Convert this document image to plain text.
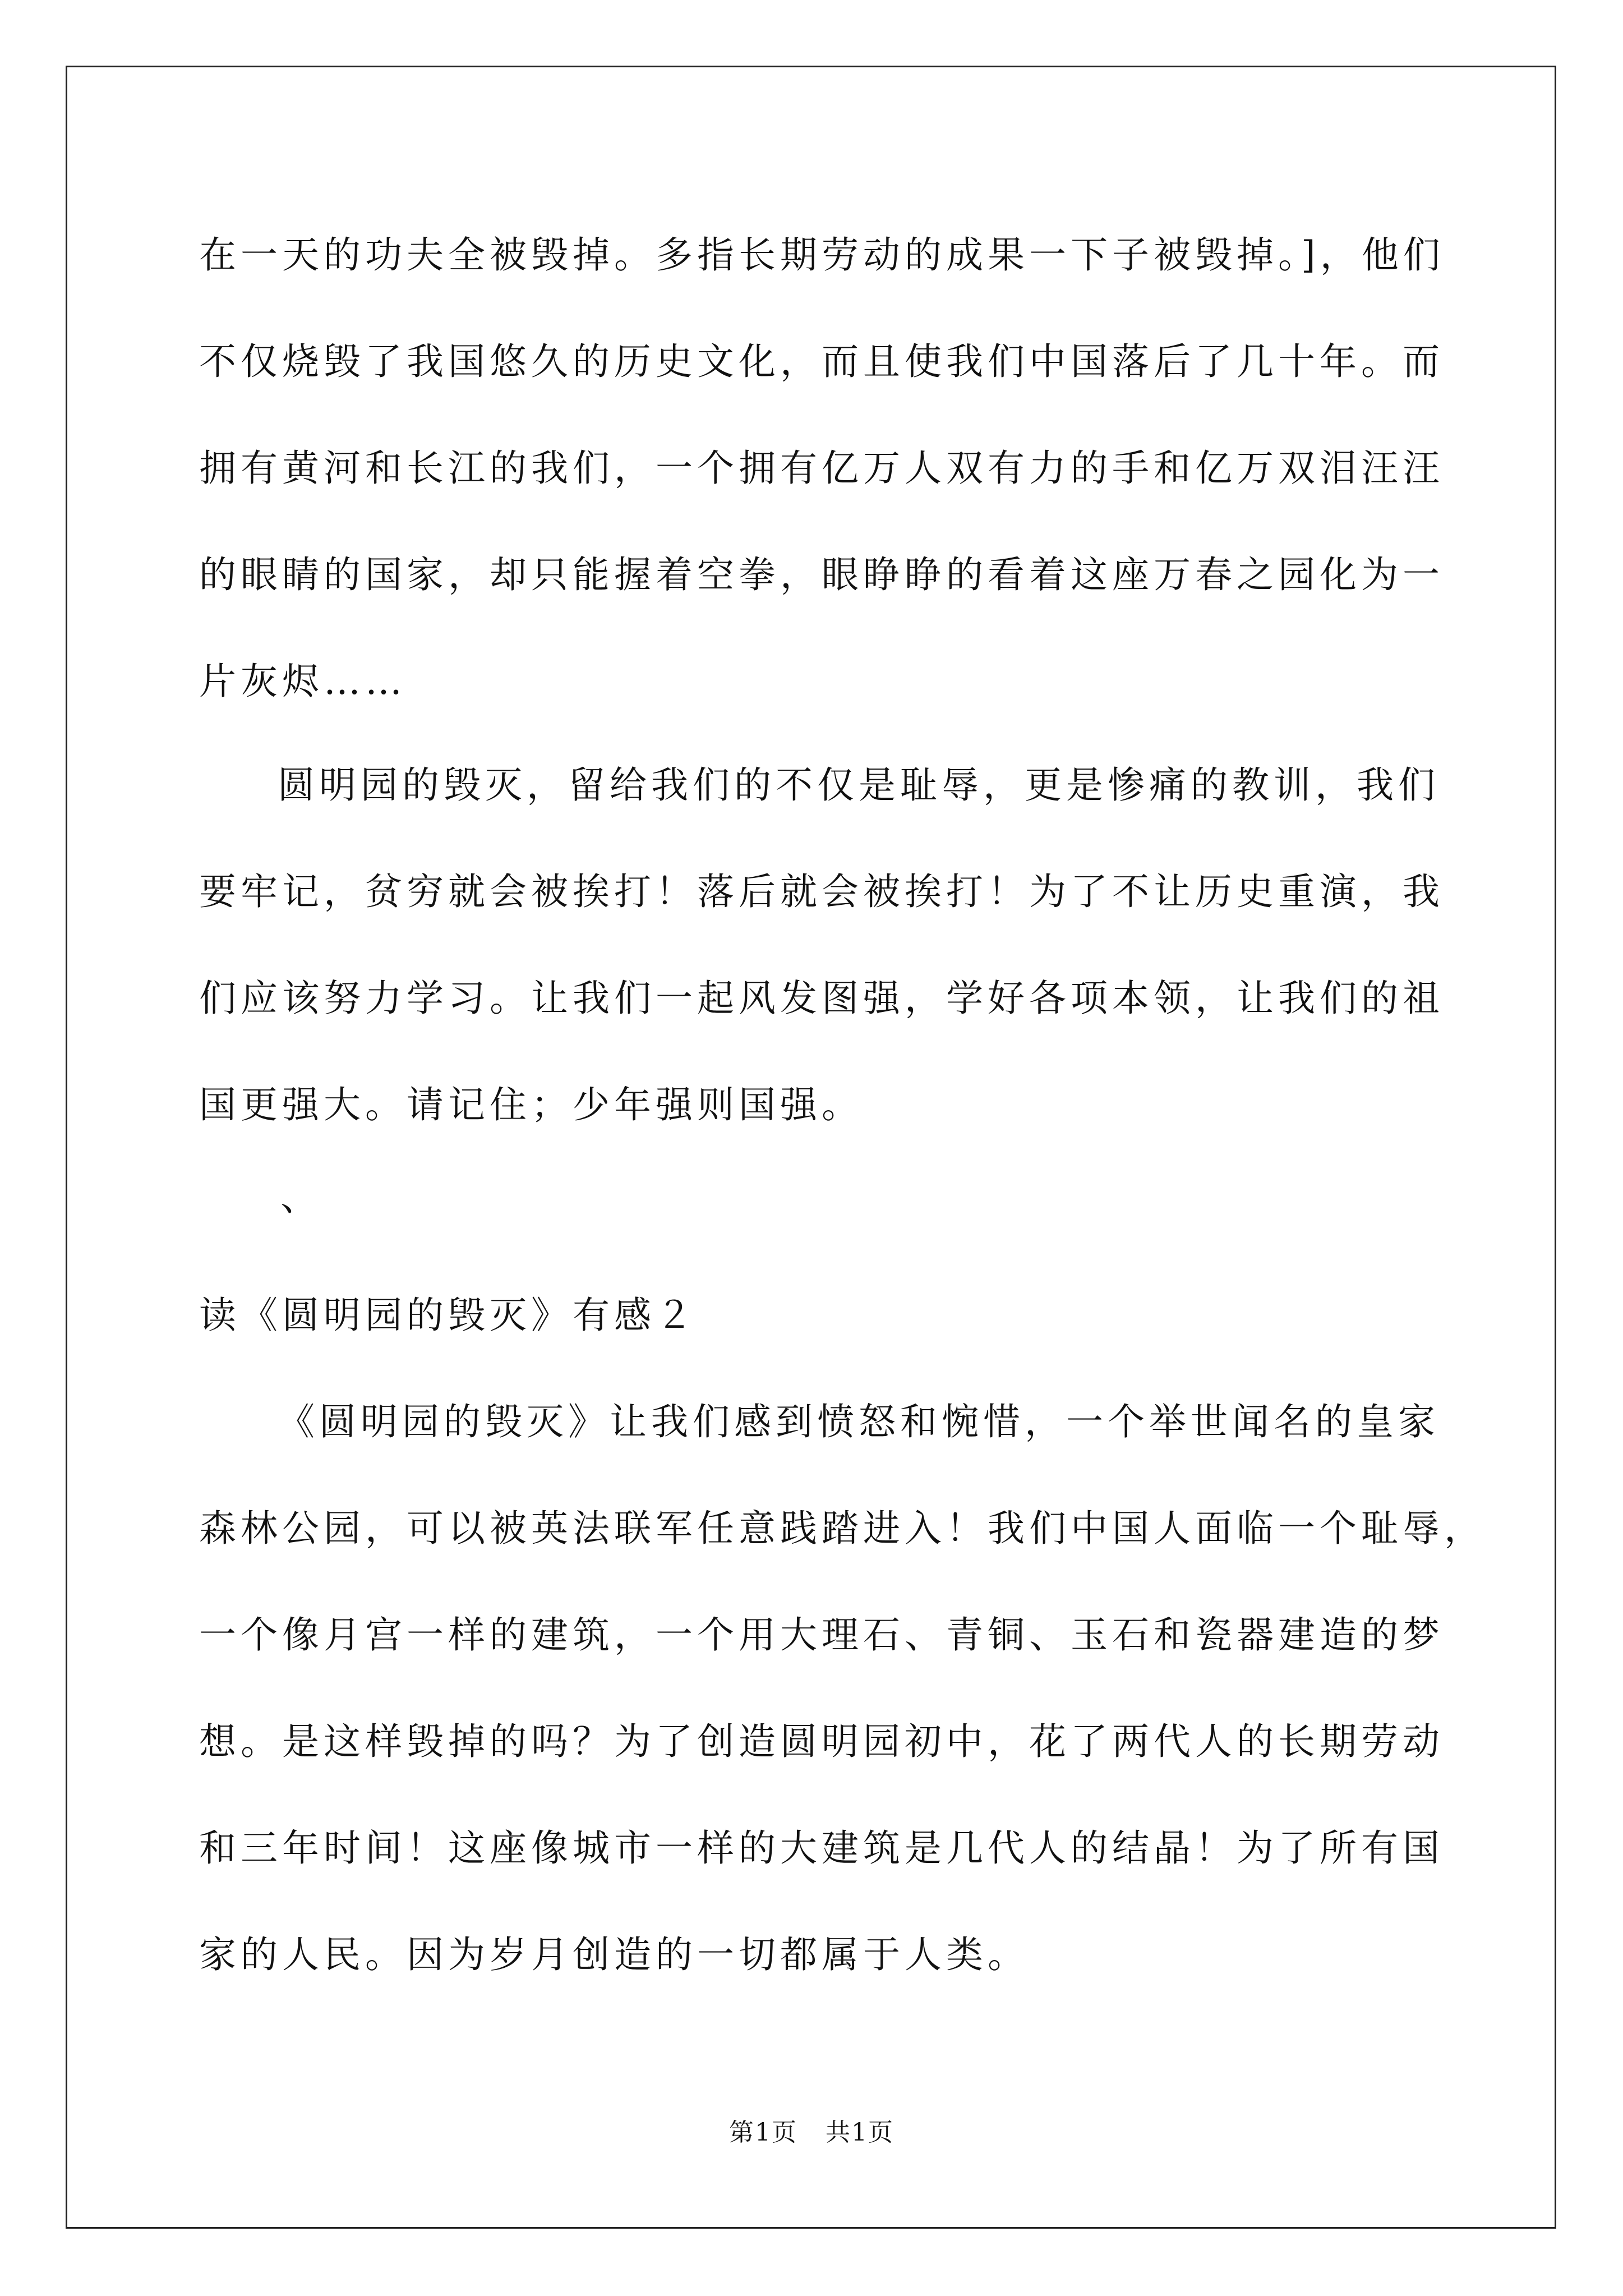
在一天的功夫全被毁掉。多指长期劳动的成果一下子被毁掉。]，他们
不仅烧毁了我国悠久的历史文化，而且使我们中国落后了几十年。而
拥有黄河和长江的我们，一个拥有亿万人双有力的手和亿万双泪汪汪
的眼睛的国家，却只能握着空拳，眼睁睁的看着这座万春之园化为一
片灰烬……
圆明园的毁灭，留给我们的不仅是耻辱，更是惨痛的教训，我们
要牢记，贫穷就会被挨打！落后就会被挨打！为了不让历史重演，我
们应该努力学习。让我们一起风发图强，学好各项本领，让我们的祖
国更强大。请记住；少年强则国强。
、
读《圆明园的毁灭》有感２
《圆明园的毁灭》让我们感到愤怒和惋惜，一个举世闻名的皇家
森林公园，可以被英法联军任意践踏进入！我们中国人面临一个耻辱，
一个像月宫一样的建筑，一个用大理石、青铜、玉石和瓷器建造的梦
想。是这样毁掉的吗？为了创造圆明园初中，花了两代人的长期劳动
和三年时间！这座像城市一样的大建筑是几代人的结晶！为了所有国
家的人民。因为岁月创造的一切都属于人类。
第1页 共1页
